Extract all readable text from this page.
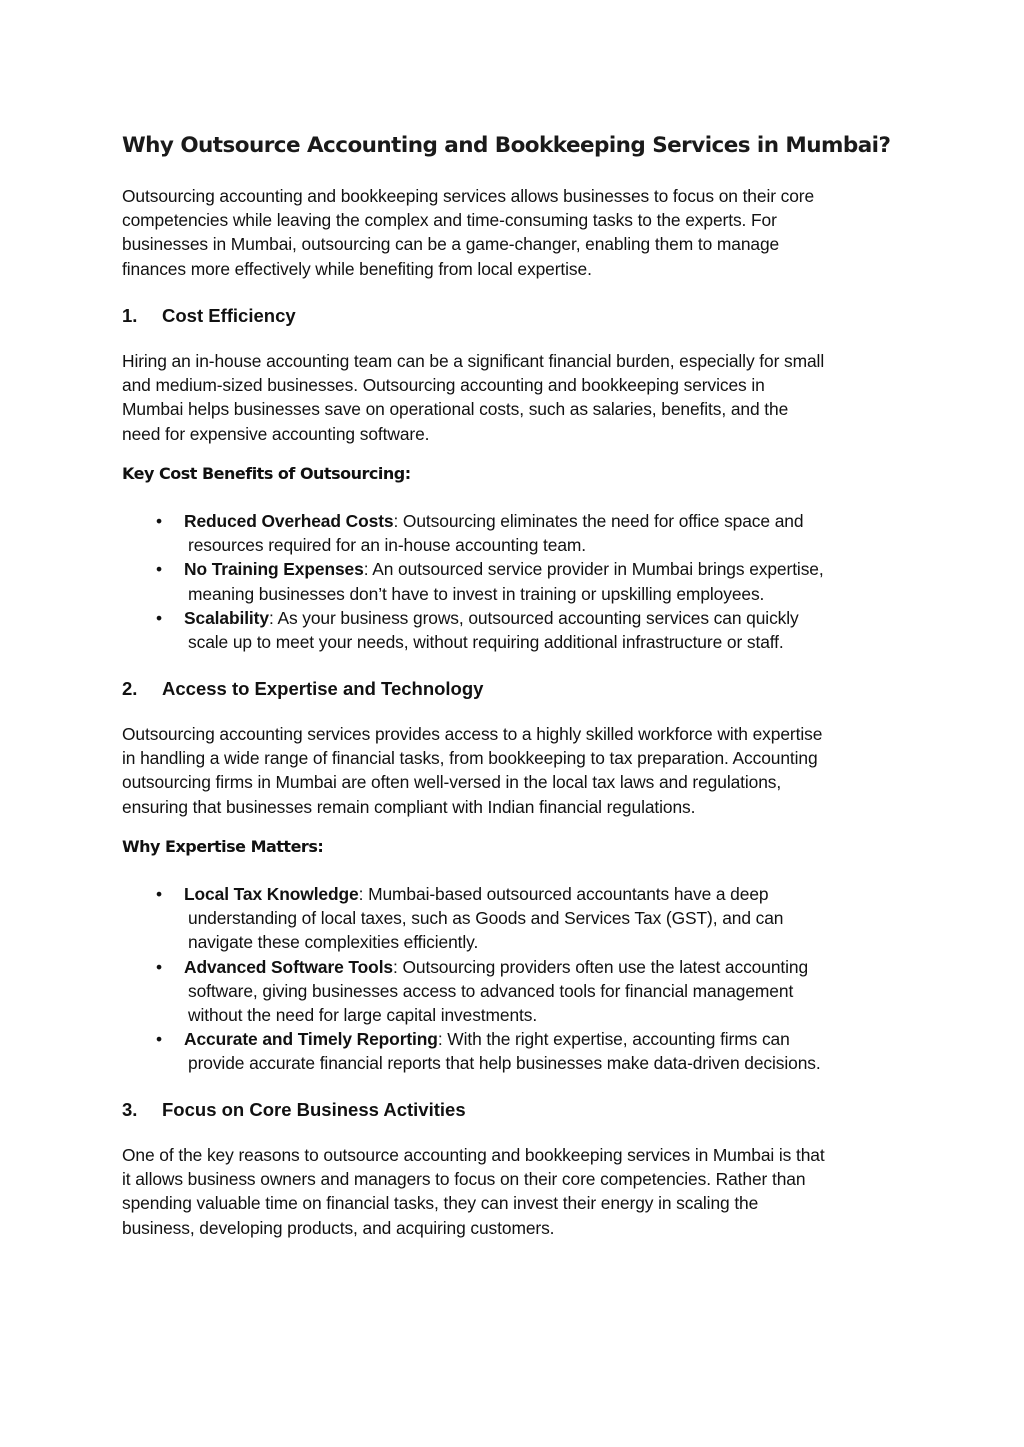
Why Outsource Accounting and Bookkeeping Services in Mumbai?

Outsourcing accounting and bookkeeping services allows businesses to focus on their core

competencies while leaving the complex and time-consuming tasks to the experts. For

businesses in Mumbai, outsourcing can be a game-changer, enabling them to manage

finances more effectively while benefiting from local expertise.

1. Cost Efficiency

Hiring an in-house accounting team can be a significant financial burden, especially for small

and medium-sized businesses. Outsourcing accounting and bookkeeping services in

Mumbai helps businesses save on operational costs, such as salaries, benefits, and the

need for expensive accounting software.

Key Cost Benefits of Outsourcing:
• Reduced Overhead Costs: Outsourcing eliminates the need for office space and
resources required for an in-house accounting team.
• No Training Expenses: An outsourced service provider in Mumbai brings expertise,
meaning businesses don’t have to invest in training or upskilling employees.
• Scalability: As your business grows, outsourced accounting services can quickly
scale up to meet your needs, without requiring additional infrastructure or staff.
2. Access to Expertise and Technology

Outsourcing accounting services provides access to a highly skilled workforce with expertise

in handling a wide range of financial tasks, from bookkeeping to tax preparation. Accounting

outsourcing firms in Mumbai are often well-versed in the local tax laws and regulations,

ensuring that businesses remain compliant with Indian financial regulations.

Why Expertise Matters:
• Local Tax Knowledge: Mumbai-based outsourced accountants have a deep
understanding of local taxes, such as Goods and Services Tax (GST), and can
navigate these complexities efficiently.
• Advanced Software Tools: Outsourcing providers often use the latest accounting
software, giving businesses access to advanced tools for financial management
without the need for large capital investments.
• Accurate and Timely Reporting: With the right expertise, accounting firms can
provide accurate financial reports that help businesses make data-driven decisions.
3. Focus on Core Business Activities

One of the key reasons to outsource accounting and bookkeeping services in Mumbai is that

it allows business owners and managers to focus on their core competencies. Rather than

spending valuable time on financial tasks, they can invest their energy in scaling the

business, developing products, and acquiring customers.
